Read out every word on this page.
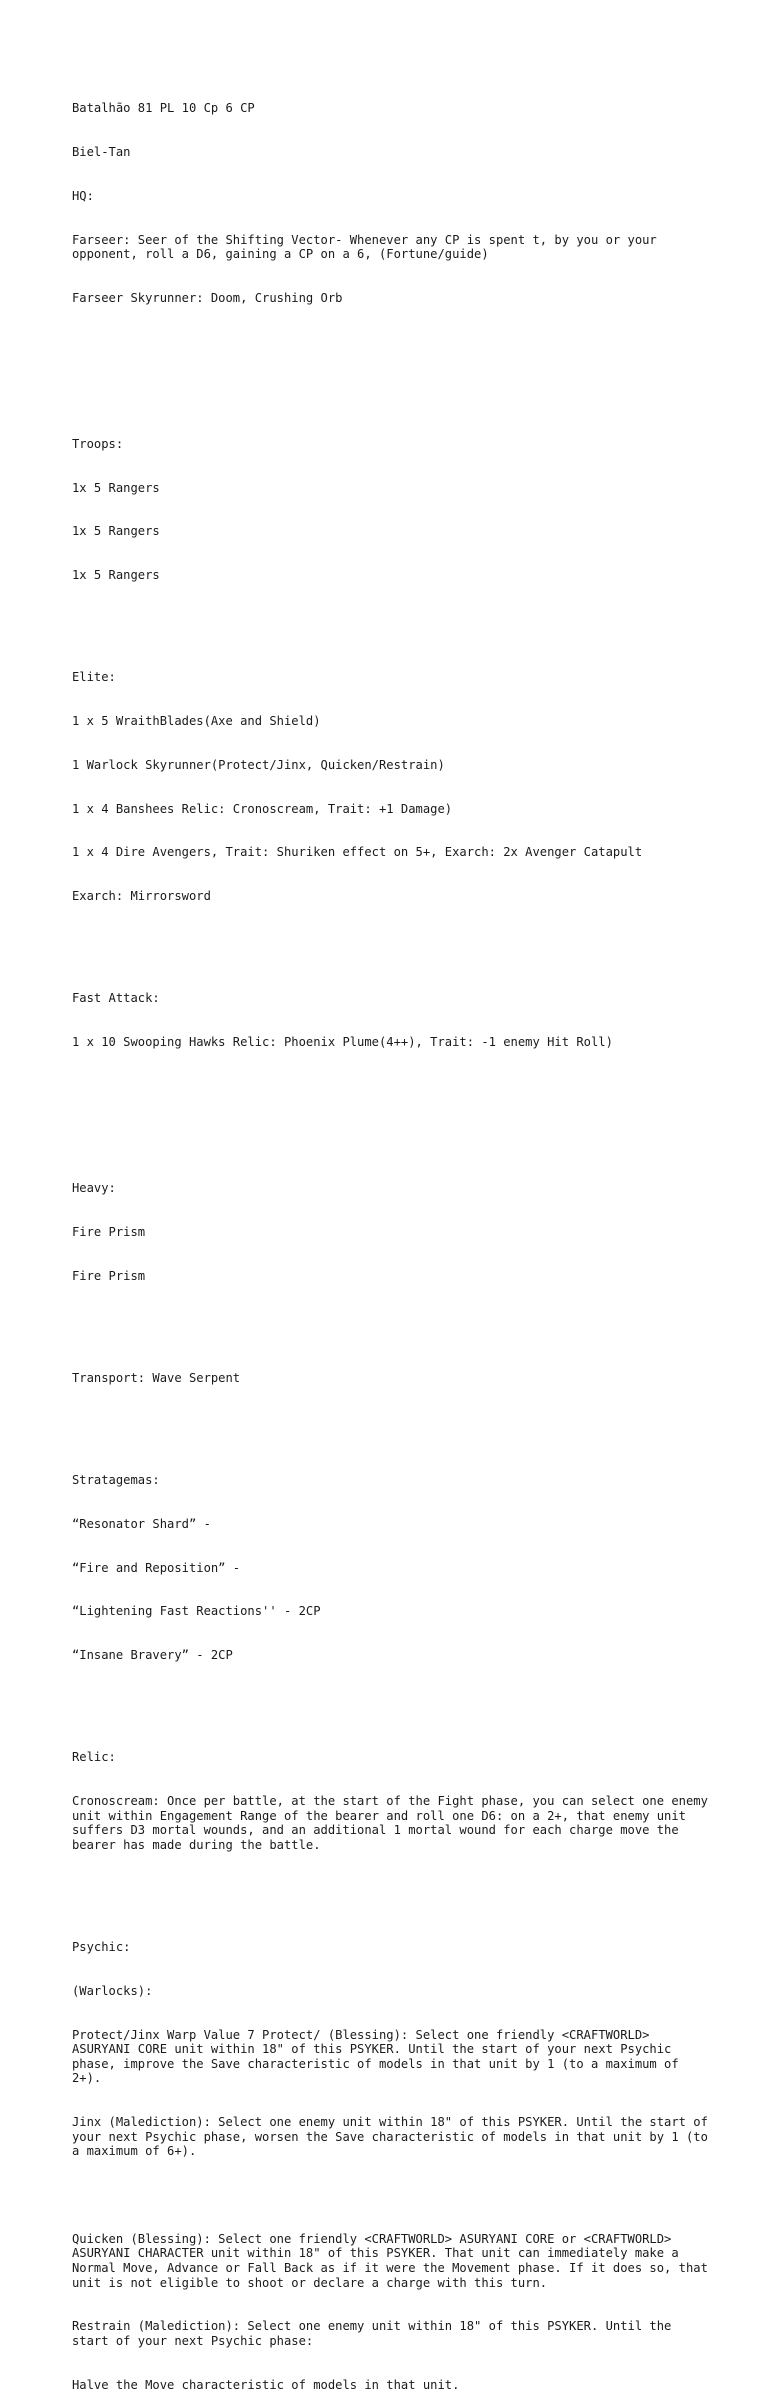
Batalhão 81 PL 10 Cp 6 CP

Biel-Tan

HQ:

Farseer: Seer of the Shifting Vector- Whenever any CP is spent t, by you or your opponent, roll a D6, gaining a CP on a 6, (Fortune/guide)

Farseer Skyrunner: Doom, Crushing Orb

Troops:

1x 5 Rangers

1x 5 Rangers

1x 5 Rangers

Elite:

1 x 5 WraithBlades(Axe and Shield)

1 Warlock Skyrunner(Protect/Jinx, Quicken/Restrain)

1 x 4 Banshees Relic: Cronoscream, Trait: +1 Damage)

1 x 4 Dire Avengers, Trait: Shuriken effect on 5+, Exarch: 2x Avenger Catapult

Exarch: Mirrorsword

Fast Attack:

1 x 10 Swooping Hawks Relic: Phoenix Plume(4++), Trait: -1 enemy Hit Roll)

Heavy:

Fire Prism

Fire Prism

Transport: Wave Serpent

Stratagemas:

“Resonator Shard” -

“Fire and Reposition” -

“Lightening Fast Reactions'' - 2CP

“Insane Bravery” - 2CP

Relic:

Cronoscream: Once per battle, at the start of the Fight phase, you can select one enemy unit within Engagement Range of the bearer and roll one D6: on a 2+, that enemy unit suffers D3 mortal wounds, and an additional 1 mortal wound for each charge move the bearer has made during the battle.

Psychic:

(Warlocks):

Protect/Jinx Warp Value 7 Protect/ (Blessing): Select one friendly <CRAFTWORLD> ASURYANI CORE unit within 18" of this PSYKER. Until the start of your next Psychic phase, improve the Save characteristic of models in that unit by 1 (to a maximum of 2+).

Jinx (Malediction): Select one enemy unit within 18" of this PSYKER. Until the start of your next Psychic phase, worsen the Save characteristic of models in that unit by 1 (to a maximum of 6+).

Quicken (Blessing): Select one friendly <CRAFTWORLD> ASURYANI CORE or <CRAFTWORLD> ASURYANI CHARACTER unit within 18" of this PSYKER. That unit can immediately make a Normal Move, Advance or Fall Back as if it were the Movement phase. If it does so, that unit is not eligible to shoot or declare a charge with this turn.

Restrain (Malediction): Select one enemy unit within 18" of this PSYKER. Until the start of your next Psychic phase:

Halve the Move characteristic of models in that unit.
